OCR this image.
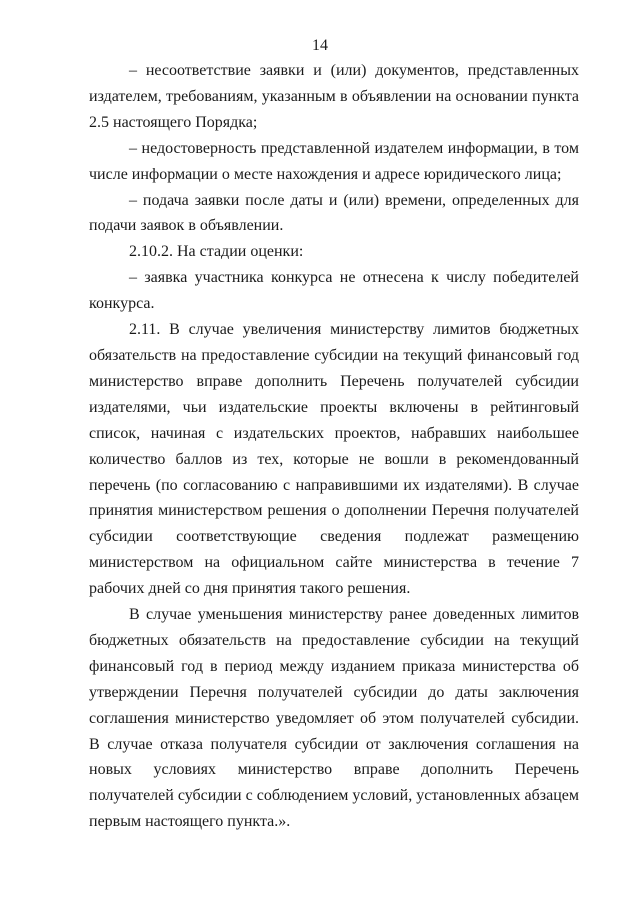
14

– несоответствие заявки и (или) документов, представленных издателем, требованиям, указанным в объявлении на основании пункта 2.5 настоящего Порядка;

– недостоверность представленной издателем информации, в том числе информации о месте нахождения и адресе юридического лица;

– подача заявки после даты и (или) времени, определенных для подачи заявок в объявлении.

2.10.2. На стадии оценки:

– заявка участника конкурса не отнесена к числу победителей конкурса.

2.11. В случае увеличения министерству лимитов бюджетных обязательств на предоставление субсидии на текущий финансовый год министерство вправе дополнить Перечень получателей субсидии издателями, чьи издательские проекты включены в рейтинговый список, начиная с издательских проектов, набравших наибольшее количество баллов из тех, которые не вошли в рекомендованный перечень (по согласованию с направившими их издателями). В случае принятия министерством решения о дополнении Перечня получателей субсидии соответствующие сведения подлежат размещению министерством на официальном сайте министерства в течение 7 рабочих дней со дня принятия такого решения.

В случае уменьшения министерству ранее доведенных лимитов бюджетных обязательств на предоставление субсидии на текущий финансовый год в период между изданием приказа министерства об утверждении Перечня получателей субсидии до даты заключения соглашения министерство уведомляет об этом получателей субсидии. В случае отказа получателя субсидии от заключения соглашения на новых условиях министерство вправе дополнить Перечень получателей субсидии с соблюдением условий, установленных абзацем первым настоящего пункта.».
